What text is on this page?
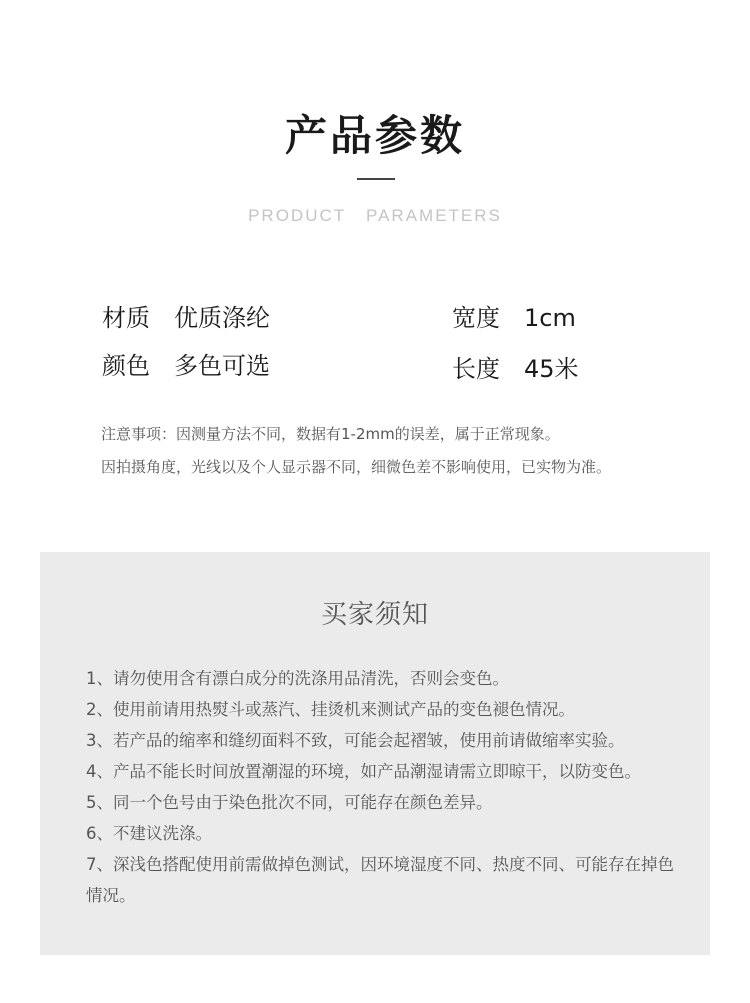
产品参数
PRODUCT   PARAMETERS
材质 优质涤纶
颜色 多色可选
宽度 1cm
长度 45米
注意事项：因测量方法不同，数据有1-2mm的误差，属于正常现象。
因拍摄角度，光线以及个人显示器不同，细微色差不影响使用，已实物为准。
买家须知
1、请勿使用含有漂白成分的洗涤用品清洗，否则会变色。
2、使用前请用热熨斗或蒸汽、挂烫机来测试产品的变色褪色情况。
3、若产品的缩率和缝纫面料不致，可能会起褶皱，使用前请做缩率实验。
4、产品不能长时间放置潮湿的环境，如产品潮湿请需立即晾干，以防变色。
5、同一个色号由于染色批次不同，可能存在颜色差异。
6、不建议洗涤。
7、深浅色搭配使用前需做掉色测试，因环境湿度不同、热度不同、可能存在掉色情况。
